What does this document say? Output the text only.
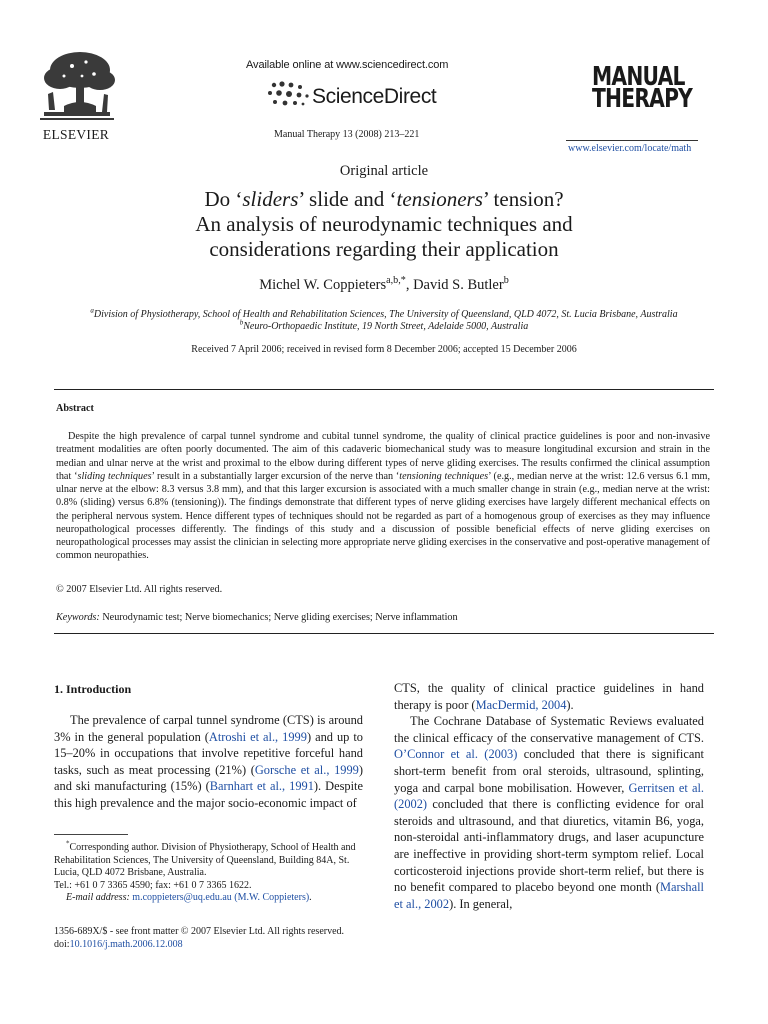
ELSEVIER
Available online at www.sciencedirect.com
ScienceDirect
Manual Therapy 13 (2008) 213–221
MANUAL
THERAPY
www.elsevier.com/locate/math
Original article
Do ‘sliders’ slide and ‘tensioners’ tension?
An analysis of neurodynamic techniques and
considerations regarding their application
Michel W. Coppieters$^{a,b,*}$, David S. Butler$^b$
$^a$Division of Physiotherapy, School of Health and Rehabilitation Sciences, The University of Queensland, QLD 4072, St. Lucia Brisbane, Australia
$^b$Neuro-Orthopaedic Institute, 19 North Street, Adelaide 5000, Australia
Received 7 April 2006; received in revised form 8 December 2006; accepted 15 December 2006
Abstract

Despite the high prevalence of carpal tunnel syndrome and cubital tunnel syndrome, the quality of clinical practice guidelines is poor and non-invasive treatment modalities are often poorly documented. The aim of this cadaveric biomechanical study was to measure longitudinal excursion and strain in the median and ulnar nerve at the wrist and proximal to the elbow during different types of nerve gliding exercises. The results confirmed the clinical assumption that ‘sliding techniques’ result in a substantially larger excursion of the nerve than ‘tensioning techniques’ (e.g., median nerve at the wrist: 12.6 versus 6.1 mm, ulnar nerve at the elbow: 8.3 versus 3.8 mm), and that this larger excursion is associated with a much smaller change in strain (e.g., median nerve at the wrist: 0.8% (sliding) versus 6.8% (tensioning)). The findings demonstrate that different types of nerve gliding exercises have largely different mechanical effects on the peripheral nervous system. Hence different types of techniques should not be regarded as part of a homogenous group of exercises as they may influence neuropathological processes differently. The findings of this study and a discussion of possible beneficial effects of nerve gliding exercises on neuropathological processes may assist the clinician in selecting more appropriate nerve gliding exercises in the conservative and post-operative management of common neuropathies.

© 2007 Elsevier Ltd. All rights reserved.
Keywords: Neurodynamic test; Nerve biomechanics; Nerve gliding exercises; Nerve inflammation
1. Introduction

The prevalence of carpal tunnel syndrome (CTS) is around 3% in the general population (Atroshi et al., 1999) and up to 15–20% in occupations that involve repetitive forceful hand tasks, such as meat processing (21%) (Gorsche et al., 1999) and ski manufacturing (15%) (Barnhart et al., 1991). Despite this high prevalence and the major socio-economic impact of

CTS, the quality of clinical practice guidelines in hand therapy is poor (MacDermid, 2004).

The Cochrane Database of Systematic Reviews evaluated the clinical efficacy of the conservative management of CTS. O’Connor et al. (2003) concluded that there is significant short-term benefit from oral steroids, ultrasound, splinting, yoga and carpal bone mobilisation. However, Gerritsen et al. (2002) concluded that there is conflicting evidence for oral steroids and ultrasound, and that diuretics, vitamin B6, yoga, non-steroidal anti-inflammatory drugs, and laser acupuncture are ineffective in providing short-term symptom relief. Local corticosteroid injections provide short-term relief, but there is no benefit compared to placebo beyond one month (Marshall et al., 2002). In general,

*Corresponding author. Division of Physiotherapy, School of Health and Rehabilitation Sciences, The University of Queensland, Building 84A, St. Lucia, QLD 4072 Brisbane, Australia.

Tel.: +61 0 7 3365 4590; fax: +61 0 7 3365 1622.

E-mail address: m.coppieters@uq.edu.au (M.W. Coppieters).

1356-689X/$ - see front matter © 2007 Elsevier Ltd. All rights reserved.
doi:10.1016/j.math.2006.12.008
